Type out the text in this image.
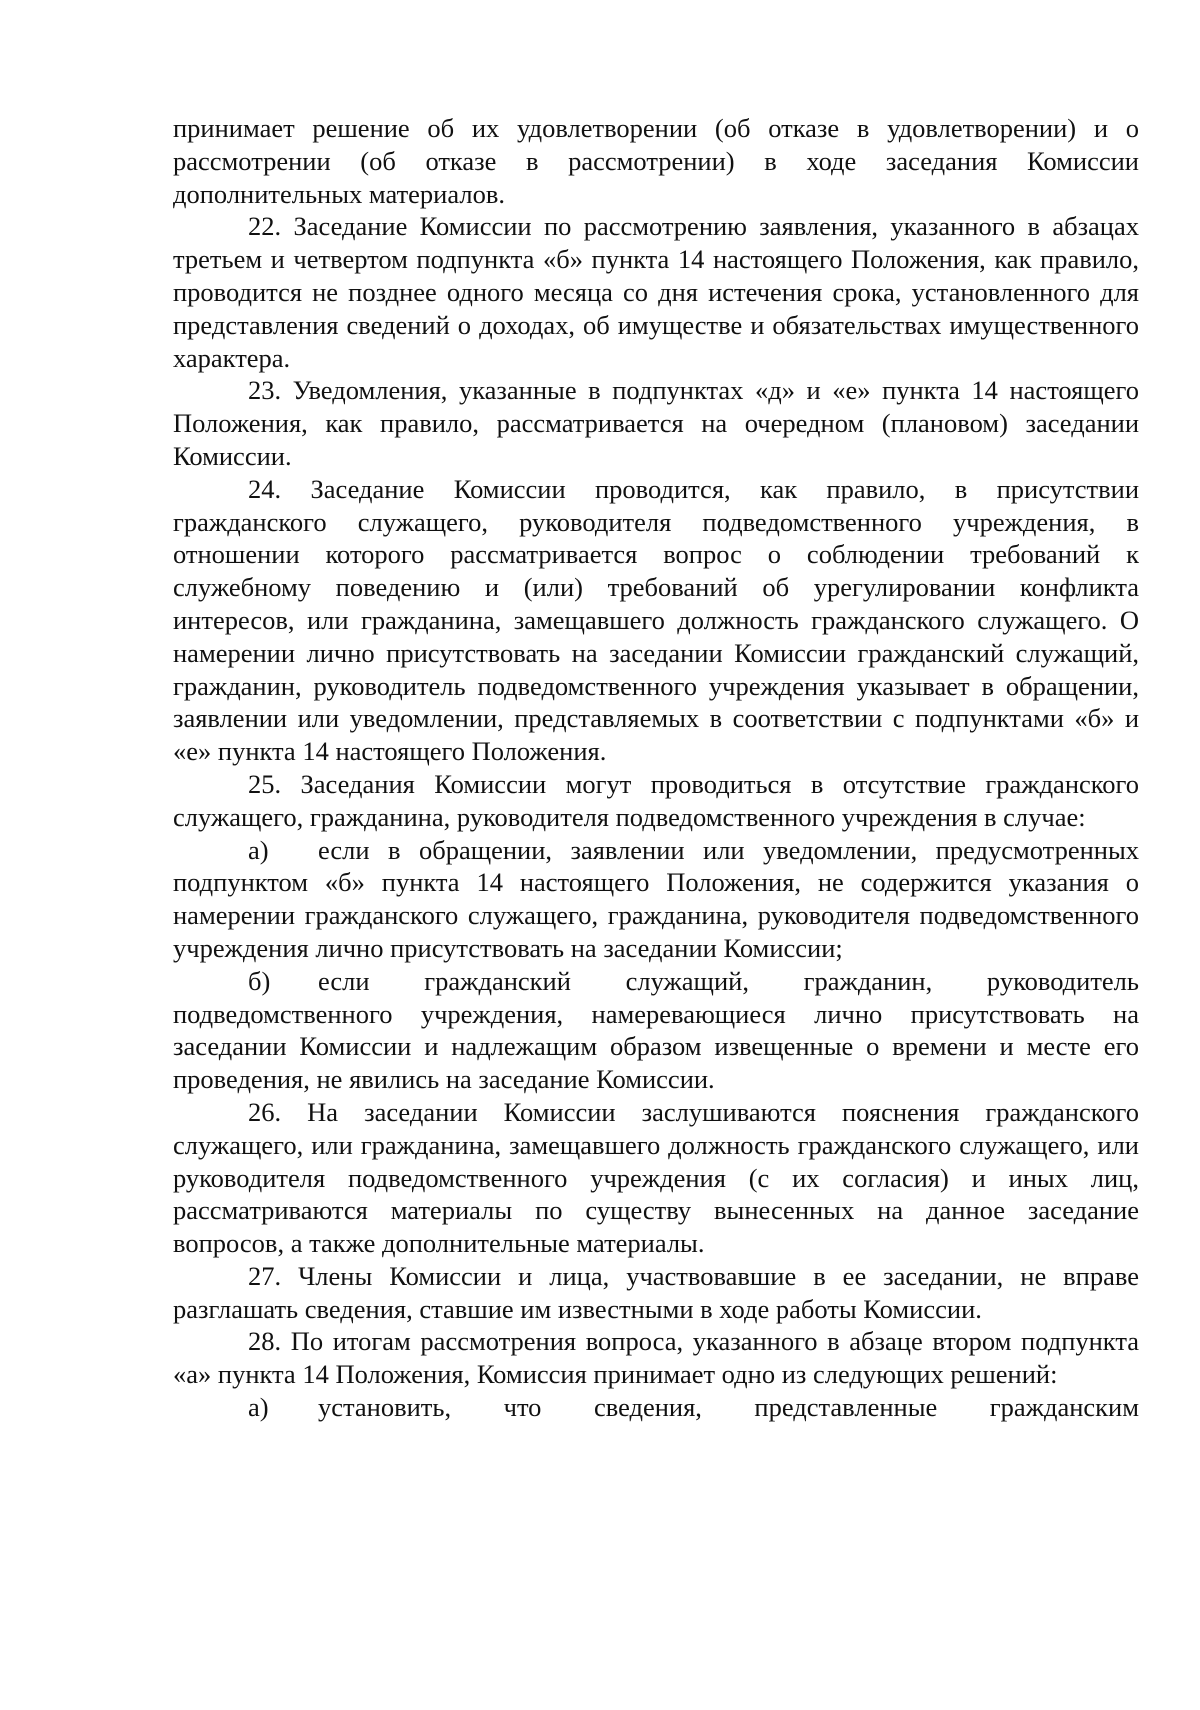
принимает решение об их удовлетворении (об отказе в удовлетворении) и о рассмотрении (об отказе в рассмотрении) в ходе заседания Комиссии дополнительных материалов.

22. Заседание Комиссии по рассмотрению заявления, указанного в абзацах третьем и четвертом подпункта «б» пункта 14 настоящего Положения, как правило, проводится не позднее одного месяца со дня истечения срока, установленного для представления сведений о доходах, об имуществе и обязательствах имущественного характера.

23. Уведомления, указанные в подпунктах «д» и «е» пункта 14 настоящего Положения, как правило, рассматривается на очередном (плановом) заседании Комиссии.

24. Заседание Комиссии проводится, как правило, в присутствии гражданского служащего, руководителя подведомственного учреждения, в отношении которого рассматривается вопрос о соблюдении требований к служебному поведению и (или) требований об урегулировании конфликта интересов, или гражданина, замещавшего должность гражданского служащего. О намерении лично присутствовать на заседании Комиссии гражданский служащий, гражданин, руководитель подведомственного учреждения указывает в обращении, заявлении или уведомлении, представляемых в соответствии с подпунктами «б» и «е» пункта 14 настоящего Положения.

25. Заседания Комиссии могут проводиться в отсутствие гражданского служащего, гражданина, руководителя подведомственного учреждения в случае:

а) если в обращении, заявлении или уведомлении, предусмотренных подпунктом «б» пункта 14 настоящего Положения, не содержится указания о намерении гражданского служащего, гражданина, руководителя подведомственного учреждения лично присутствовать на заседании Комиссии;

б) если гражданский служащий, гражданин, руководитель подведомственного учреждения, намеревающиеся лично присутствовать на заседании Комиссии и надлежащим образом извещенные о времени и месте его проведения, не явились на заседание Комиссии.

26. На заседании Комиссии заслушиваются пояснения гражданского служащего, или гражданина, замещавшего должность гражданского служащего, или руководителя подведомственного учреждения (с их согласия) и иных лиц, рассматриваются материалы по существу вынесенных на данное заседание вопросов, а также дополнительные материалы.

27. Члены Комиссии и лица, участвовавшие в ее заседании, не вправе разглашать сведения, ставшие им известными в ходе работы Комиссии.

28. По итогам рассмотрения вопроса, указанного в абзаце втором подпункта «а» пункта 14 Положения, Комиссия принимает одно из следующих решений:

а) установить, что сведения, представленные гражданским
